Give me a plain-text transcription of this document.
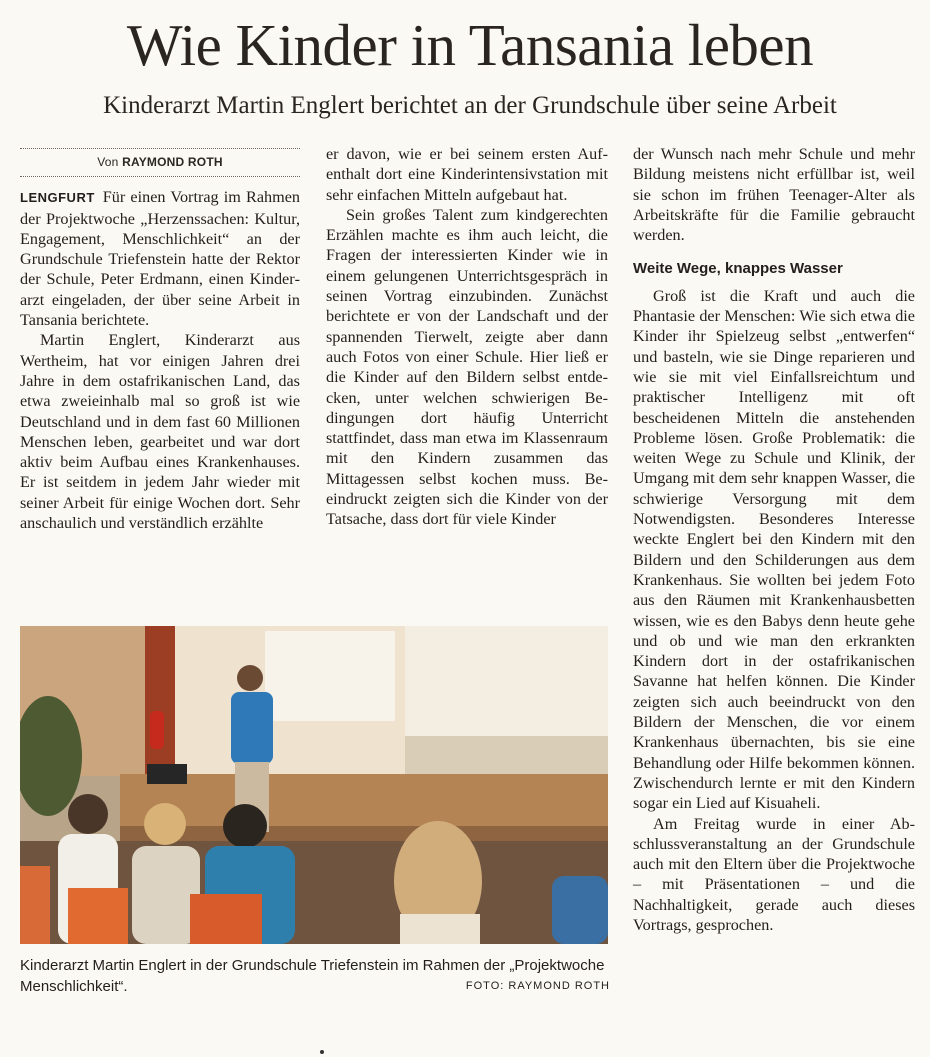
Wie Kinder in Tansania leben
Kinderarzt Martin Englert berichtet an der Grundschule über seine Arbeit
Von RAYMOND ROTH

LENGFURT Für einen Vortrag im Rahmen der Projektwoche „Herzenssachen: Kultur, Engagement, Menschlichkeit“ an der Grundschule Triefenstein hatte der Rektor der Schule, Peter Erdmann, einen Kinderarzt eingeladen, der über seine Arbeit in Tansania berichtete.

Martin Englert, Kinderarzt aus Wertheim, hat vor einigen Jahren drei Jahre in dem ostafrikanischen Land, das etwa zweieinhalb mal so groß ist wie Deutschland und in dem fast 60 Millionen Menschen leben, gearbeitet und war dort aktiv beim Aufbau eines Krankenhauses. Er ist seitdem in jedem Jahr wieder mit seiner Arbeit für einige Wochen dort. Sehr anschaulich und verständlich erzählte

er davon, wie er bei seinem ersten Aufenthalt dort eine Kinderintensivstation mit sehr einfachen Mitteln aufgebaut hat.

Sein großes Talent zum kindgerechten Erzählen machte es ihm auch leicht, die Fragen der interessierten Kinder wie in einem gelungenen Unterrichtsgespräch in seinen Vortrag einzubinden. Zunächst berichtete er von der Landschaft und der spannenden Tierwelt, zeigte aber dann auch Fotos von einer Schule. Hier ließ er die Kinder auf den Bildern selbst entdecken, unter welchen schwierigen Bedingungen dort häufig Unterricht stattfindet, dass man etwa im Klassenraum mit den Kindern zusammen das Mittagessen selbst kochen muss. Beeindruckt zeigten sich die Kinder von der Tatsache, dass dort für viele Kinder

der Wunsch nach mehr Schule und mehr Bildung meistens nicht erfüllbar ist, weil sie schon im frühen Teenager-Alter als Arbeitskräfte für die Familie gebraucht werden.

Weite Wege, knappes Wasser

Groß ist die Kraft und auch die Phantasie der Menschen: Wie sich etwa die Kinder ihr Spielzeug selbst „entwerfen“ und basteln, wie sie Dinge reparieren und wie sie mit viel Einfallsreichtum und praktischer Intelligenz mit oft bescheidenen Mitteln die anstehenden Probleme lösen. Große Problematik: die weiten Wege zu Schule und Klinik, der Umgang mit dem sehr knappen Wasser, die schwierige Versorgung mit dem Notwendigsten. Besonderes Interesse weckte Englert bei den Kindern mit den Bildern und den Schilderungen aus dem Krankenhaus. Sie wollten bei jedem Foto aus den Räumen mit Krankenhausbetten wissen, wie es den Babys denn heute gehe und ob und wie man den erkrankten Kindern dort in der ostafrikanischen Savanne hat helfen können. Die Kinder zeigten sich auch beeindruckt von den Bildern der Menschen, die vor einem Krankenhaus übernachten, bis sie eine Behandlung oder Hilfe bekommen können. Zwischendurch lernte er mit den Kindern sogar ein Lied auf Kisuaheli.

Am Freitag wurde in einer Abschlussveranstaltung an der Grundschule auch mit den Eltern über die Projektwoche – mit Präsentationen – und die Nachhaltigkeit, gerade auch dieses Vortrags, gesprochen.

Kinderarzt Martin Englert in der Grundschule Triefenstein im Rahmen der „Projektwoche Menschlichkeit“.	FOTO: RAYMOND ROTH
